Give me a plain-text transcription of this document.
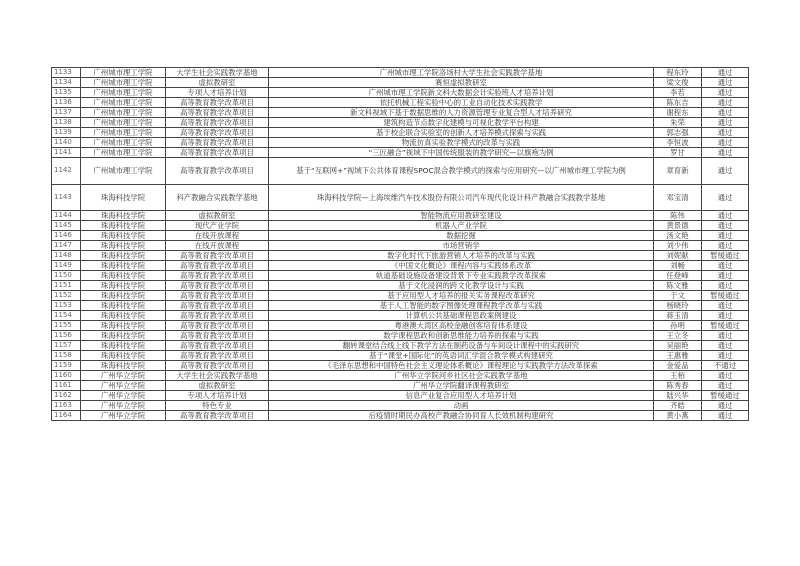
1133	广州城市理工学院	大学生社会实践教学基地	广州城市理工学院洛场村大学生社会实践教学基地	程东玲	通过
1134	广州城市理工学院	虚拟教研室	赛恒虚拟教研室	梁文俊	通过
1135	广州城市理工学院	专项人才培养计划	广州城市理工学院新文科大数据会计实验班人才培养计划	李若	通过
1136	广州城市理工学院	高等教育教学改革项目	依托机械工程实验中心的工业自动化技术实践教学	陈东吉	通过
1137	广州城市理工学院	高等教育教学改革项目	新文科视域下基于数据思维的人力资源管理专业复合型人才培养研究	谢程东	通过
1138	广州城市理工学院	高等教育教学改革项目	建筑构造节点数字化建模与可视化教学平台构建	朱荣	通过
1139	广州城市理工学院	高等教育教学改革项目	基于校企联合实验室的创新人才培养模式探索与实践	郭志强	通过
1140	广州城市理工学院	高等教育教学改革项目	物流仿真实验教学模式的改革与实践	李恒波	通过
1141	广州城市理工学院	高等教育教学改革项目	“三匠融合”视域下中国传统服装的教学研究—以旗袍为例	罗甘	通过
1142	广州城市理工学院	高等教育教学改革项目	基于“互联网+”视域下公共体育课程SPOC混合教学模式的探索与应用研究—以广州城市理工学院为例	章育新	通过
1143	珠海科技学院	科产教融合实践教学基地	珠海科技学院—上海埃维汽车技术股份有限公司汽车现代化设计科产教融合实践教学基地	邓宝清	通过
1144	珠海科技学院	虚拟教研室	智能物流应用教研室建设	陈伟	通过
1145	珠海科技学院	现代产业学院	机器人产业学院	黄景德	通过
1146	珠海科技学院	在线开放课程	数据挖掘	汤文艳	通过
1147	珠海科技学院	在线开放课程	市场营销学	刘少伟	通过
1148	珠海科技学院	高等教育教学改革项目	数字化时代下旅游营销人才培养的改革与实践	刘妮献	暂缓通过
1149	珠海科技学院	高等教育教学改革项目	《中国文化概论》课程内容与实践体系改革	刘畅	通过
1150	珠海科技学院	高等教育教学改革项目	轨道基础设施设备建设背景下专业实践教学改革探索	任登峰	通过
1151	珠海科技学院	高等教育教学改革项目	基于文化浸润的跨文化教学设计与实践	陈文雅	通过
1152	珠海科技学院	高等教育教学改革项目	基于应用型人才培养的报关实务课程改革研究	于文	暂缓通过
1153	珠海科技学院	高等教育教学改革项目	基于人工智能的数字图像处理课程教学改革与实践	杨晓玲	通过
1154	珠海科技学院	高等教育教学改革项目	计算机公共基础课程思政案例建设	蒋玉清	通过
1155	珠海科技学院	高等教育教学改革项目	粤港澳大湾区高校金融创客培育体系建设	孙明	暂缓通过
1156	珠海科技学院	高等教育教学改革项目	数学课程思政和创新思维能力培养的探索与实践	王立冬	通过
1157	珠海科技学院	高等教育教学改革项目	翻转课堂结合线上线下教学方法在制药设备与车间设计课程中的实践研究	吴丽艳	通过
1158	珠海科技学院	高等教育教学改革项目	基于“课堂+国际化”的英语词汇学混合教学模式构建研究	王惠雅	通过
1159	珠海科技学院	高等教育教学改革项目	《毛泽东思想和中国特色社会主义理论体系概论》课程理论与实践教学方法改革探索	金爱品	不通过
1160	广州华立学院	大学生社会实践教学基地	广州华立学院河乡社区社会实践教学基地	王栢	通过
1161	广州华立学院	虚拟教研室	广州华立学院翻译课程教研室	陈秀春	通过
1162	广州华立学院	专项人才培养计划	信息产业复合应用型人才培养计划	陆兴华	暂缓通过
1163	广州华立学院	特色专业	动画	齐皓	通过
1164	广州华立学院	高等教育教学改革项目	后疫情时期民办高校产教融合协同育人长效机制构建研究	黄小燕	通过
